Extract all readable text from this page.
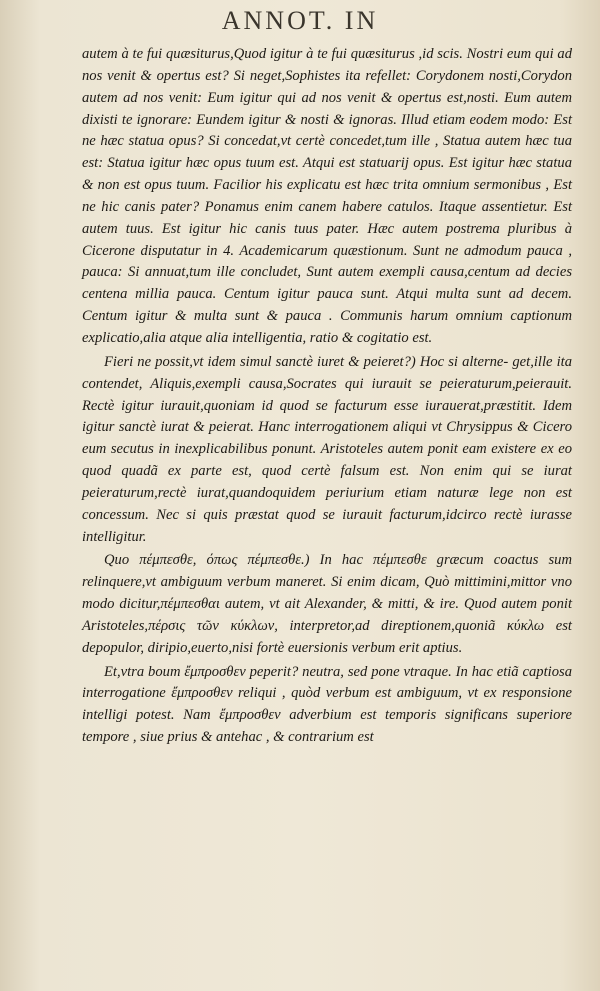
ANNOT. IN

autem à te fui quæsiturus,Quod igitur à te fui quæsiturus ,id scis. Nostri eum qui ad nos venit & opertus est? Si neget,Sophistes ita refellet: Corydonem nosti,Corydon autem ad nos venit: Eum igitur qui ad nos venit & opertus est,nosti. Eum autem dixisti te ignorare: Eundem igitur & nosti & ignoras. Illud etiam eodem modo: Est ne hæc statua opus? Si concedat,vt certè concedet,tum ille , Statua autem hæc tua est: Statua igitur hæc opus tuum est. Atqui est statuarij opus. Est igitur hæc statua & non est opus tuum. Facilior his explicatu est hæc trita omnium sermonibus , Est ne hic canis pater? Ponamus enim canem habere catulos. Itaque assentietur. Est autem tuus. Est igitur hic canis tuus pater. Hæc autem postrema pluribus à Cicerone disputatur in 4. Academicarum quæstionum. Sunt ne admodum pauca , pauca: Si annuat,tum ille concludet, Sunt autem exempli causa,centum ad decies centena millia pauca. Centum igitur pauca sunt. Atqui multa sunt ad decem. Centum igitur & multa sunt & pauca . Communis harum omnium captionum explicatio,alia atque alia intelligentia, ratio & cogitatio est.

Fieri ne possit,vt idem simul sanctè iuret & peieret?) Hoc si alterne- get,ille ita contendet, Aliquis,exempli causa,Socrates qui iurauit se peieraturum,peierauit. Rectè igitur iurauit,quoniam id quod se facturum esse iurauerat,præstitit. Idem igitur sanctè iurat & peierat. Hanc interrogationem aliqui vt Chrysippus & Cicero eum secutus in inexplicabilibus ponunt. Aristoteles autem ponit eam existere ex eo quod quadã ex parte est, quod certè falsum est. Non enim qui se iurat peieraturum,rectè iurat,quandoquidem periurium etiam naturæ lege non est concessum. Nec si quis præstat quod se iurauit facturum,idcirco rectè iurasse intelligitur.

Quo πέμπεσθε, όπως πέμπεσθε.) In hac πέμπεσθε græcum coactus sum relinquere,vt ambiguum verbum maneret. Si enim dicam, Quò mittimini,mittor vno modo dicitur,πέμπεσθαι autem, vt ait Alexander, & mitti, & ire. Quod autem ponit Aristoteles,πέρσις τῶν κύκλων, interpretor,ad direptionem,quoniã κύκλω est depopulor, diripio,euerto,nisi fortè euersionis verbum erit aptius.

Et,vtra boum ἔμπροσθεν peperit? neutra, sed pone vtraque. In hac etiã captiosa interrogatione ἔμπροσθεν reliqui , quòd verbum est ambiguum, vt ex responsione intelligi potest. Nam ἔμπροσθεν adverbium est temporis significans superiore tempore , siue prius & antehac , & contrarium est
